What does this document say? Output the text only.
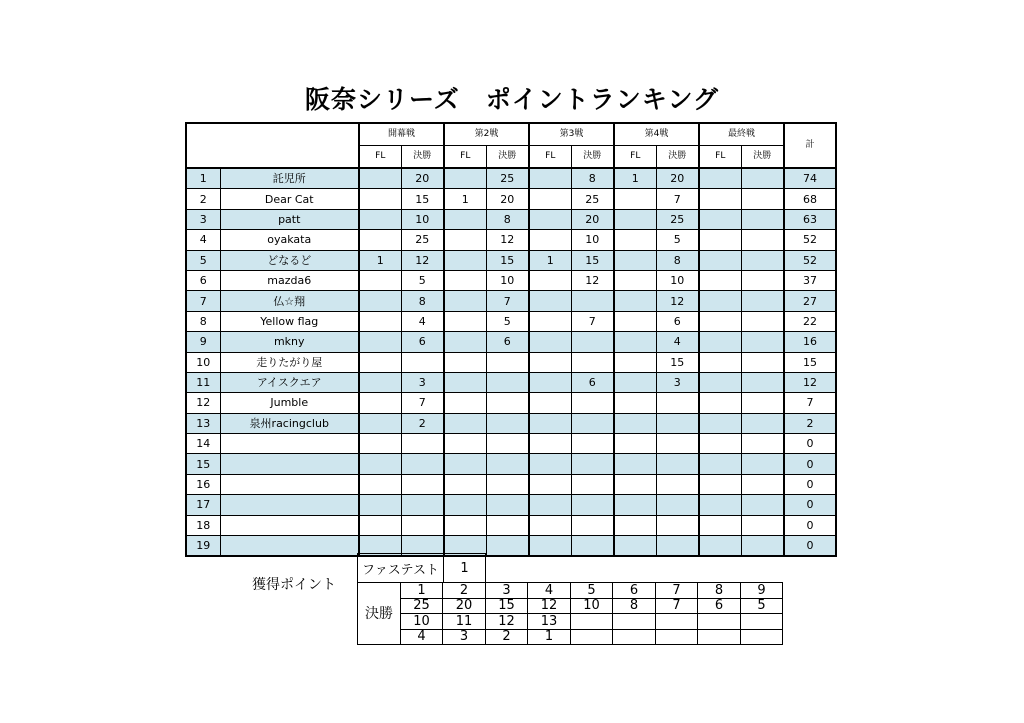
阪奈シリーズ　ポイントランキング
		開幕戦		第2戦		第3戦		第4戦		最終戦		計
		FL	決勝	FL	決勝	FL	決勝	FL	決勝	FL	決勝	
1	託児所		20		25		8	1	20			74
2	Dear Cat		15	1	20		25		7			68
3	patt		10		8		20		25			63
4	oyakata		25		12		10		5			52
5	どなるど	1	12		15	1	15		8			52
6	mazda6		5		10		12		10			37
7	仏☆翔		8		7				12			27
8	Yellow flag		4		5		7		6			22
9	mkny		6		6				4			16
10	走りたがり屋								15			15
11	アイスクエア		3				6		3			12
12	Jumble		7									7
13	泉州racingclub		2									2
14												0
15												0
16												0
17												0
18												0
19												0
獲得ポイント
ファステスト	1
決勝	1	2	3	4	5	6	7	8	9
	25	20	15	12	10	8	7	6	5
	10	11	12	13					
	4	3	2	1					
